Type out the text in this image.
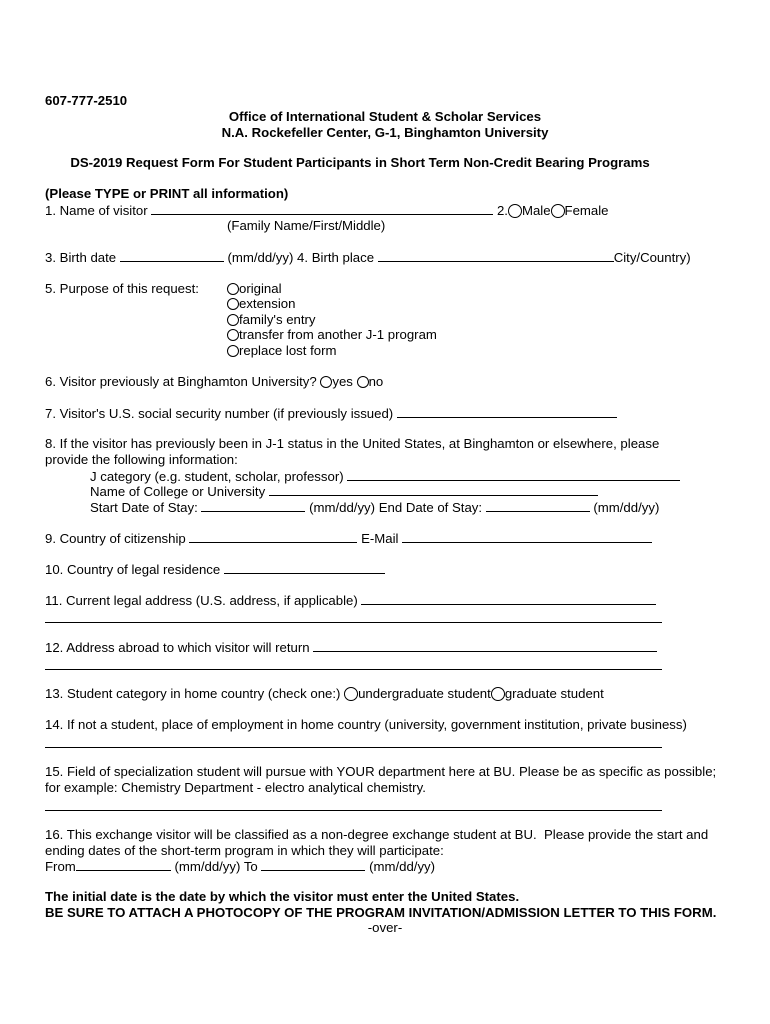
607-777-2510
Office of International Student & Scholar Services
N.A. Rockefeller Center, G-1, Binghamton University
DS-2019 Request Form For Student Participants in Short Term Non-Credit Bearing Programs
(Please TYPE or PRINT all information)
1. Name of visitor	2. Male Female
(Family Name/First/Middle)
3. Birth date	(mm/dd/yy) 4. Birth place	City/Country)
5. Purpose of this request:	original
extension
family's entry
transfer from another J-1 program
replace lost form
6. Visitor previously at Binghamton University? yes no
7. Visitor's U.S. social security number (if previously issued)
8. If the visitor has previously been in J-1 status in the United States, at Binghamton or elsewhere, please
provide the following information:
J category (e.g. student, scholar, professor)
Name of College or University
Start Date of Stay:	(mm/dd/yy) End Date of Stay:	(mm/dd/yy)
9. Country of citizenship	E-Mail
10. Country of legal residence
11. Current legal address (U.S. address, if applicable)
12. Address abroad to which visitor will return
13. Student category in home country (check one:) undergraduate student graduate student
14. If not a student, place of employment in home country (university, government institution, private business)
15. Field of specialization student will pursue with YOUR department here at BU. Please be as specific as possible;
for example: Chemistry Department - electro analytical chemistry.
16. This exchange visitor will be classified as a non-degree exchange student at BU.  Please provide the start and
ending dates of the short-term program in which they will participate:
From	(mm/dd/yy) To	(mm/dd/yy)
The initial date is the date by which the visitor must enter the United States.
BE SURE TO ATTACH A PHOTOCOPY OF THE PROGRAM INVITATION/ADMISSION LETTER TO THIS FORM.
-over-
